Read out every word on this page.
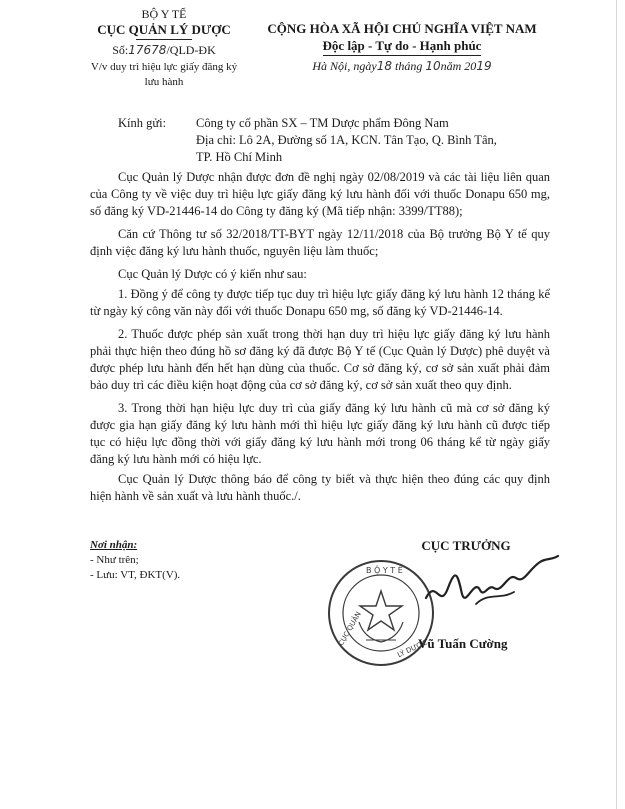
BỘ Y TẾ
CỤC QUẢN LÝ DƯỢC
Số:17678/QLD-ĐK
V/v duy trì hiệu lực giấy đăng ký
lưu hành
CỘNG HÒA XÃ HỘI CHỦ NGHĨA VIỆT NAM
Độc lập - Tự do - Hạnh phúc
Hà Nội, ngày18 tháng 10năm 2019
Kính gửi:	Công ty cổ phần SX – TM Dược phẩm Đông Nam
Địa chỉ: Lô 2A, Đường số 1A, KCN. Tân Tạo, Q. Bình Tân,
TP. Hồ Chí Minh

Cục Quản lý Dược nhận được đơn đề nghị ngày 02/08/2019 và các tài liệu liên quan của Công ty về việc duy trì hiệu lực giấy đăng ký lưu hành đối với thuốc Donapu 650 mg, số đăng ký VD-21446-14 do Công ty đăng ký (Mã tiếp nhận: 3399/TT88);

Căn cứ Thông tư số 32/2018/TT-BYT ngày 12/11/2018 của Bộ trưởng Bộ Y tế quy định việc đăng ký lưu hành thuốc, nguyên liệu làm thuốc;

Cục Quản lý Dược có ý kiến như sau:

1. Đồng ý để công ty được tiếp tục duy trì hiệu lực giấy đăng ký lưu hành 12 tháng kể từ ngày ký công văn này đối với thuốc Donapu 650 mg, số đăng ký VD-21446-14.

2. Thuốc được phép sản xuất trong thời hạn duy trì hiệu lực giấy đăng ký lưu hành phải thực hiện theo đúng hồ sơ đăng ký đã được Bộ Y tế (Cục Quản lý Dược) phê duyệt và được phép lưu hành đến hết hạn dùng của thuốc. Cơ sở đăng ký, cơ sở sản xuất phải đảm bảo duy trì các điều kiện hoạt động của cơ sở đăng ký, cơ sở sản xuất theo quy định.

3. Trong thời hạn hiệu lực duy trì của giấy đăng ký lưu hành cũ mà cơ sở đăng ký được gia hạn giấy đăng ký lưu hành mới thì hiệu lực giấy đăng ký lưu hành cũ được tiếp tục có hiệu lực đồng thời với giấy đăng ký lưu hành mới trong 06 tháng kể từ ngày giấy đăng ký lưu hành mới có hiệu lực.

Cục Quản lý Dược thông báo để công ty biết và thực hiện theo đúng các quy định hiện hành về sản xuất và lưu hành thuốc./.

Nơi nhận:
- Như trên;
- Lưu: VT, ĐKT(V).
CỤC TRƯỞNG
B Ộ Y T Ế
CỤC QUẢN
LÝ DƯỢC
Vũ Tuấn Cường
